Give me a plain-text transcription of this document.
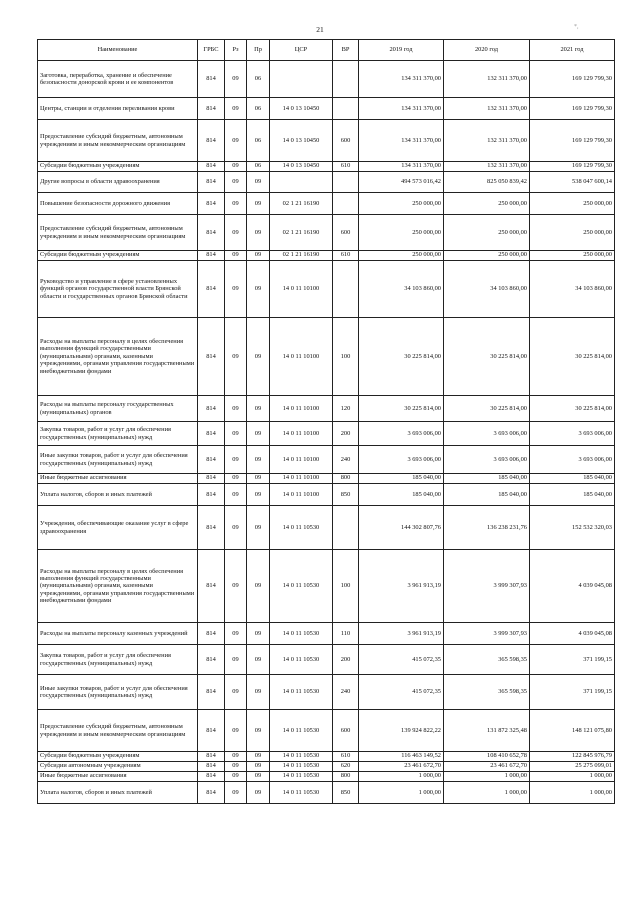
21	*,
Наименование	ГРБС	Рз	Пр	ЦСР	ВР	2019 год	2020 год	2021 год
Заготовка, переработка, хранение и обеспечение безопасности донорской крови и ее компонентов	814	09	06			134 311 370,00	132 311 370,00	169 129 799,30
Центры, станции и отделения переливания крови	814	09	06	14 0 13 10450		134 311 370,00	132 311 370,00	169 129 799,30
Предоставление субсидий бюджетным, автономным учреждениям и иным некоммерческим организациям	814	09	06	14 0 13 10450	600	134 311 370,00	132 311 370,00	169 129 799,30
Субсидии бюджетным учреждениям	814	09	06	14 0 13 10450	610	134 311 370,00	132 311 370,00	169 129 799,30
Другие вопросы в области здравоохранения	814	09	09			494 573 016,42	825 050 839,42	538 047 600,14
Повышение безопасности дорожного движения	814	09	09	02 1 21 16190		250 000,00	250 000,00	250 000,00
Предоставление субсидий бюджетным, автономным учреждениям и иным некоммерческим организациям	814	09	09	02 1 21 16190	600	250 000,00	250 000,00	250 000,00
Субсидии бюджетным учреждениям	814	09	09	02 1 21 16190	610	250 000,00	250 000,00	250 000,00
Руководство и управление в сфере установленных функций органов государственной власти Брянской области и государственных органов Брянской области	814	09	09	14 0 11 10100		34 103 860,00	34 103 860,00	34 103 860,00
Расходы на выплаты персоналу в целях обеспечения выполнения функций государственными (муниципальными) органами, казенными учреждениями, органами управления государственными внебюджетными фондами	814	09	09	14 0 11 10100	100	30 225 814,00	30 225 814,00	30 225 814,00
Расходы на выплаты персоналу государственных (муниципальных) органов	814	09	09	14 0 11 10100	120	30 225 814,00	30 225 814,00	30 225 814,00
Закупка товаров, работ и услуг для обеспечения государственных (муниципальных) нужд	814	09	09	14 0 11 10100	200	3 693 006,00	3 693 006,00	3 693 006,00
Иные закупки товаров, работ и услуг для обеспечения государственных (муниципальных) нужд	814	09	09	14 0 11 10100	240	3 693 006,00	3 693 006,00	3 693 006,00
Иные бюджетные ассигнования	814	09	09	14 0 11 10100	800	185 040,00	185 040,00	185 040,00
Уплата налогов, сборов и иных платежей	814	09	09	14 0 11 10100	850	185 040,00	185 040,00	185 040,00
Учреждения, обеспечивающие оказание услуг в сфере здравоохранения	814	09	09	14 0 11 10530		144 302 807,76	136 238 231,76	152 532 320,03
Расходы на выплаты персоналу в целях обеспечения выполнения функций государственными (муниципальными) органами, казенными учреждениями, органами управления государственными внебюджетными фондами	814	09	09	14 0 11 10530	100	3 961 913,19	3 999 307,93	4 039 045,08
Расходы на выплаты персоналу казенных учреждений	814	09	09	14 0 11 10530	110	3 961 913,19	3 999 307,93	4 039 045,08
Закупка товаров, работ и услуг для обеспечения государственных (муниципальных) нужд	814	09	09	14 0 11 10530	200	415 072,35	365 598,35	371 199,15
Иные закупки товаров, работ и услуг для обеспечения государственных (муниципальных) нужд	814	09	09	14 0 11 10530	240	415 072,35	365 598,35	371 199,15
Предоставление субсидий бюджетным, автономным учреждениям и иным некоммерческим организациям	814	09	09	14 0 11 10530	600	139 924 822,22	131 872 325,48	148 121 075,80
Субсидии бюджетным учреждениям	814	09	09	14 0 11 10530	610	116 463 149,52	108 410 652,78	122 845 976,79
Субсидии автономным учреждениям	814	09	09	14 0 11 10530	620	23 461 672,70	23 461 672,70	25 275 099,01
Иные бюджетные ассигнования	814	09	09	14 0 11 10530	800	1 000,00	1 000,00	1 000,00
Уплата налогов, сборов и иных платежей	814	09	09	14 0 11 10530	850	1 000,00	1 000,00	1 000,00
